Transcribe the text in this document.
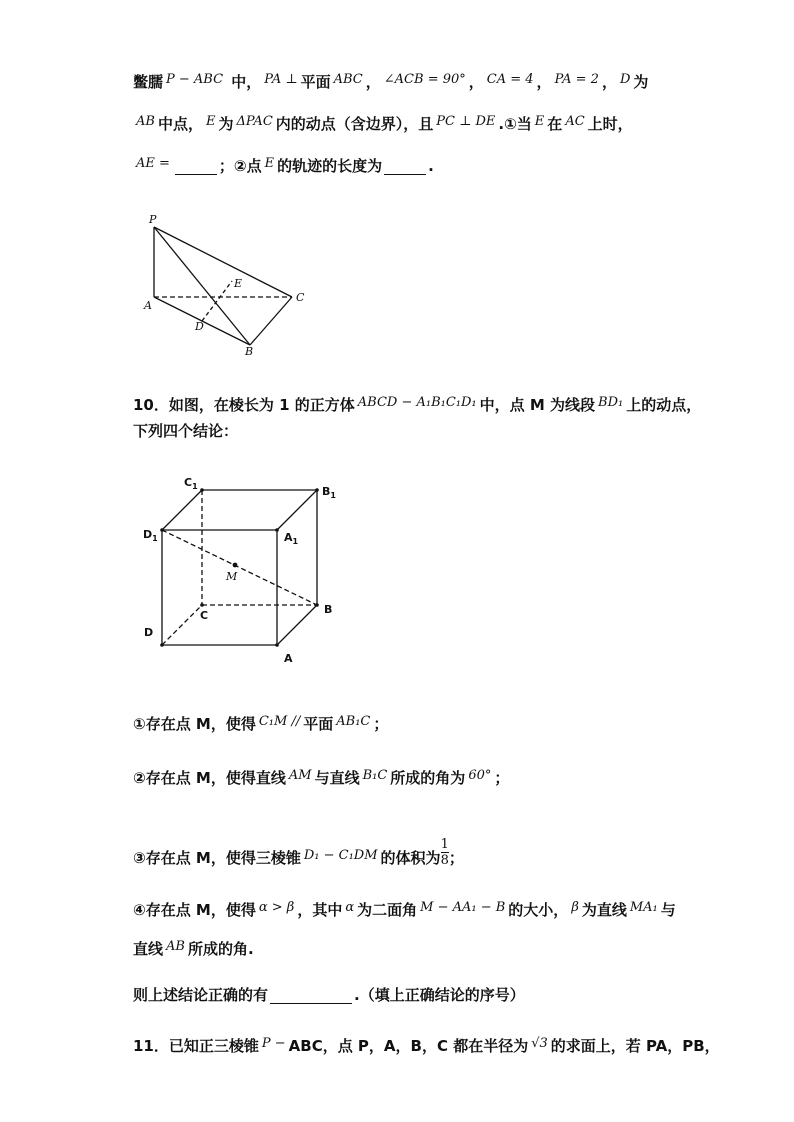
鳖臑 P − ABC 中， PA ⊥ 平面 ABC ， ∠ACB = 90° ， CA = 4 ， PA = 2 ， D 为
AB 中点， E 为 ΔPAC 内的动点（含边界），且 PC ⊥ DE .①当 E 在 AC 上时，
AE =	；②点 E 的轨迹的长度为	.
P
A
B
C
D
E
10．如图，在棱长为 1 的正方体 ABCD − A₁B₁C₁D₁ 中，点 M 为线段 BD₁ 上的动点，
下列四个结论：
$C_1$	$B_1$
$D_1$	$A_1$
M
C	B
D
A
①存在点 M，使得 C₁M // 平面 AB₁C ；
②存在点 M，使得直线 AM 与直线 B₁C 所成的角为 60° ；
③存在点 M，使得三棱锥 D₁ − C₁DM 的体积为 $\frac{1}{8}$ ；
④存在点 M，使得 α > β ，其中 α 为二面角 M − AA₁ − B 的大小， β 为直线 MA₁ 与
直线 AB 所成的角.
则上述结论正确的有	.（填上正确结论的序号）
11．已知正三棱锥 P − ABC，点 P，A，B，C 都在半径为 √3 的求面上，若 PA，PB，
